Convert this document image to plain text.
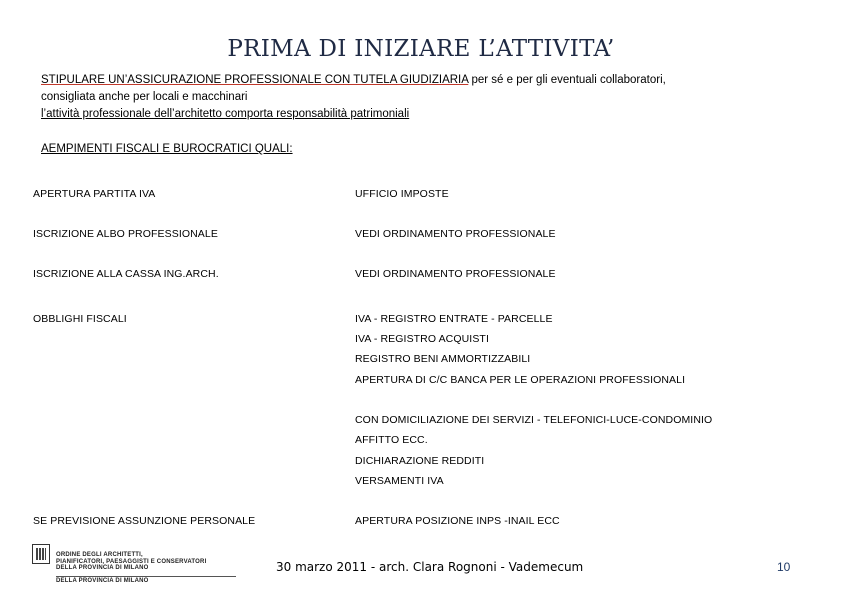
PRIMA DI INIZIARE L’ATTIVITA’
STIPULARE UN’ASSICURAZIONE PROFESSIONALE CON TUTELA GIUDIZIARIA per sé e per gli eventuali collaboratori,
consigliata anche per locali e macchinari
l’attività professionale dell’architetto comporta responsabilità patrimoniali
AEMPIMENTI FISCALI E BUROCRATICI QUALI:
APERTURA PARTITA IVA	UFFICIO IMPOSTE
ISCRIZIONE ALBO PROFESSIONALE	VEDI ORDINAMENTO PROFESSIONALE
ISCRIZIONE ALLA CASSA ING.ARCH.	VEDI ORDINAMENTO PROFESSIONALE
OBBLIGHI FISCALI	IVA - REGISTRO ENTRATE - PARCELLE
IVA - REGISTRO ACQUISTI
REGISTRO BENI AMMORTIZZABILI
APERTURA DI C/C BANCA PER LE OPERAZIONI PROFESSIONALI
CON DOMICILIAZIONE DEI SERVIZI - TELEFONICI-LUCE-CONDOMINIO
AFFITTO ECC.
DICHIARAZIONE REDDITI
VERSAMENTI IVA
SE PREVISIONE ASSUNZIONE PERSONALE	APERTURA POSIZIONE INPS -INAIL ECC
ORDINE DEGLI ARCHITETTI,
PIANIFICATORI, PAESAGGISTI E CONSERVATORI
DELLA PROVINCIA DI MILANO
DELLA PROVINCIA DI MILANO
30 marzo 2011 - arch. Clara Rognoni - Vademecum	10
